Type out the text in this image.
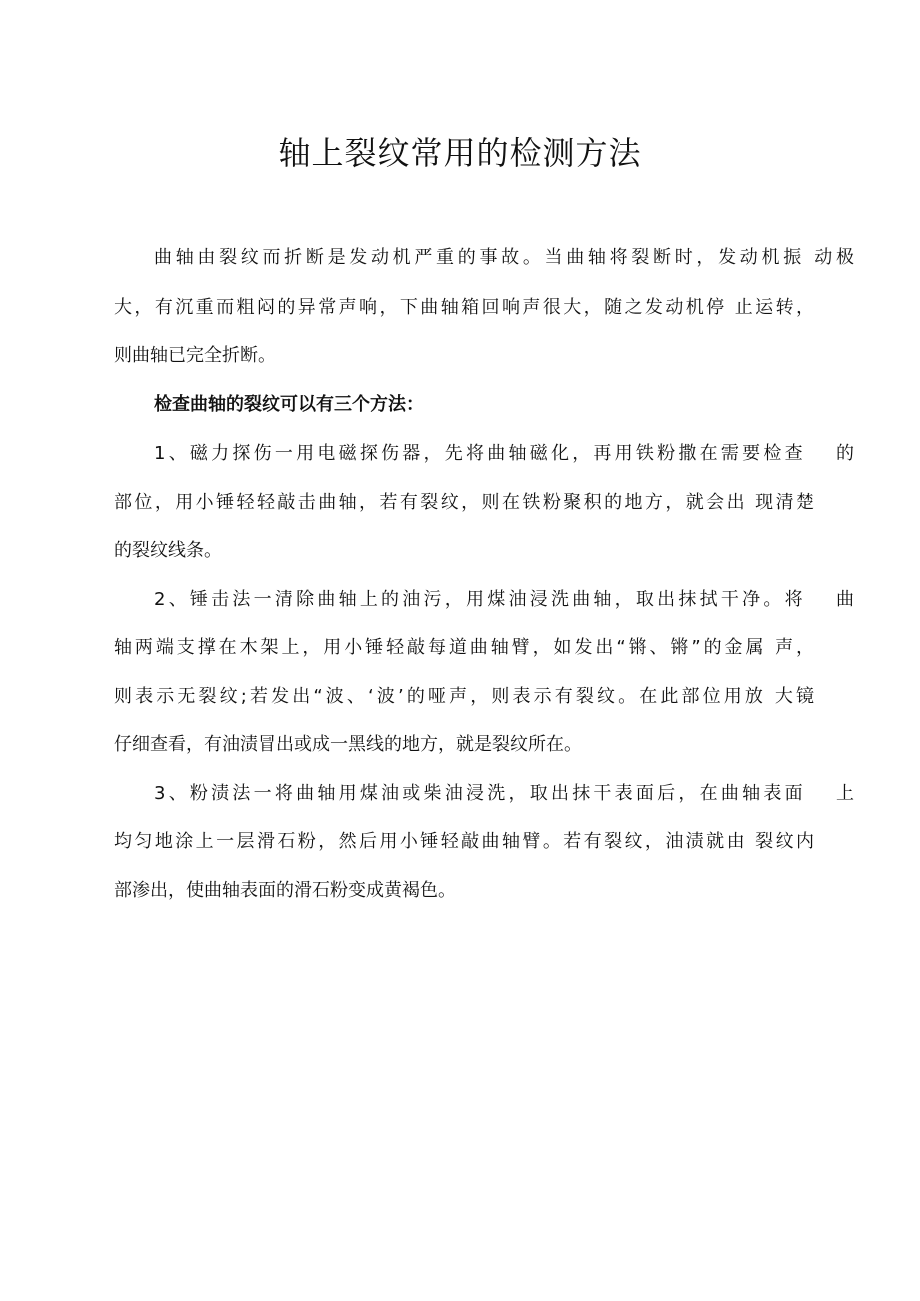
轴上裂纹常用的检测方法

曲轴由裂纹而折断是发动机严重的事故。当曲轴将裂断时，发动机振 动极

大，有沉重而粗闷的异常声响，下曲轴箱回响声很大，随之发动机停 止运转，

则曲轴已完全折断。

检查曲轴的裂纹可以有三个方法：

1、磁力探伤一用电磁探伤器，先将曲轴磁化，再用铁粉撒在需要检查　 的

部位，用小锤轻轻敲击曲轴，若有裂纹，则在铁粉聚积的地方，就会出 现清楚

的裂纹线条。

2、锤击法一清除曲轴上的油污，用煤油浸洗曲轴，取出抹拭干净。将　 曲

轴两端支撑在木架上，用小锤轻敲每道曲轴臂，如发出“锵、锵”的金属 声，

则表示无裂纹;若发出“波、‘波’的哑声，则表示有裂纹。在此部位用放 大镜

仔细查看，有油渍冒出或成一黑线的地方，就是裂纹所在。

3、粉渍法一将曲轴用煤油或柴油浸洗，取出抹干表面后，在曲轴表面　 上

均匀地涂上一层滑石粉，然后用小锤轻敲曲轴臂。若有裂纹，油渍就由 裂纹内

部渗出，使曲轴表面的滑石粉变成黄褐色。
